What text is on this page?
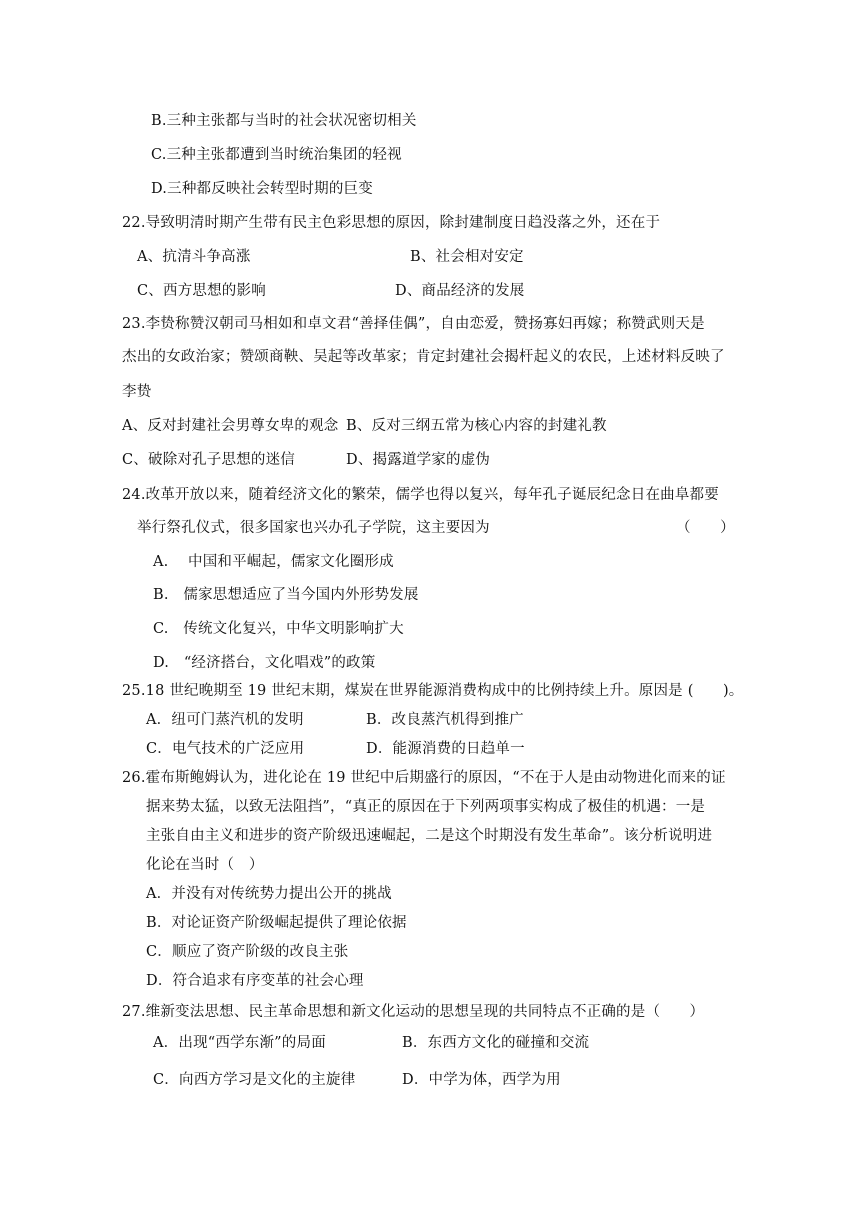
B.三种主张都与当时的社会状况密切相关
C.三种主张都遭到当时统治集团的轻视
D.三种都反映社会转型时期的巨变
22.导致明清时期产生带有民主色彩思想的原因，除封建制度日趋没落之外，还在于
A、抗清斗争高涨	B、社会相对安定
C、西方思想的影响	D、商品经济的发展
23.李贽称赞汉朝司马相如和卓文君“善择佳偶”，自由恋爱，赞扬寡妇再嫁；称赞武则天是
杰出的女政治家；赞颂商鞅、吴起等改革家；肯定封建社会揭杆起义的农民，上述材料反映了
李贽
A、反对封建社会男尊女卑的观念 B、反对三纲五常为核心内容的封建礼教
C、破除对孔子思想的迷信	D、揭露道学家的虚伪
24.改革开放以来，随着经济文化的繁荣，儒学也得以复兴，每年孔子诞辰纪念日在曲阜都要
举行祭孔仪式，很多国家也兴办孔子学院，这主要因为	（　　）
A.　 中国和平崛起，儒家文化圈形成
B.　儒家思想适应了当今国内外形势发展
C.　传统文化复兴，中华文明影响扩大
D.　“经济搭台，文化唱戏”的政策
25.18 世纪晚期至 19 世纪末期，煤炭在世界能源消费构成中的比例持续上升。原因是 (　　)。
A．纽可门蒸汽机的发明	B．改良蒸汽机得到推广
C．电气技术的广泛应用	D．能源消费的日趋单一
26.霍布斯鲍姆认为，进化论在 19 世纪中后期盛行的原因，“不在于人是由动物进化而来的证
据来势太猛，以致无法阻挡”，“真正的原因在于下列两项事实构成了极佳的机遇：一是
主张自由主义和进步的资产阶级迅速崛起，二是这个时期没有发生革命”。该分析说明进
化论在当时（　）
A．并没有对传统势力提出公开的挑战
B．对论证资产阶级崛起提供了理论依据
C．顺应了资产阶级的改良主张
D．符合追求有序变革的社会心理
27.维新变法思想、民主革命思想和新文化运动的思想呈现的共同特点不正确的是（　　）
A．出现“西学东渐”的局面	B．东西方文化的碰撞和交流
C．向西方学习是文化的主旋律	D．中学为体，西学为用
